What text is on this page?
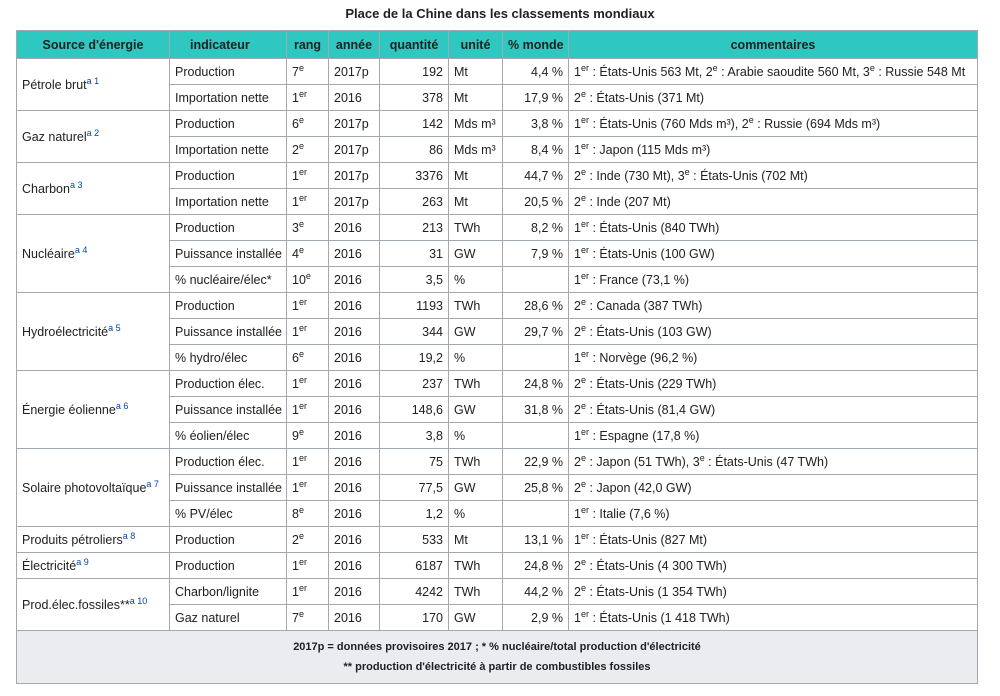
Place de la Chine dans les classements mondiaux
Source d'énergie	indicateur	rang	année	quantité	unité	% monde	commentaires
Pétrole brut$^{a 1}$	Production	7e	2017p	192	Mt	4,4 %	1er : États-Unis 563 Mt, 2e : Arabie saoudite 560 Mt, 3e : Russie 548 Mt
	Importation nette	1er	2016	378	Mt	17,9 %	2e : États-Unis (371 Mt)
Gaz naturel$^{a 2}$	Production	6e	2017p	142	Mds m³	3,8 %	1er : États-Unis (760 Mds m³), 2e : Russie (694 Mds m³)
	Importation nette	2e	2017p	86	Mds m³	8,4 %	1er : Japon (115 Mds m³)
Charbon$^{a 3}$	Production	1er	2017p	3376	Mt	44,7 %	2e : Inde (730 Mt), 3e : États-Unis (702 Mt)
	Importation nette	1er	2017p	263	Mt	20,5 %	2e : Inde (207 Mt)
Nucléaire$^{a 4}$	Production	3e	2016	213	TWh	8,2 %	1er : États-Unis (840 TWh)
	Puissance installée	4e	2016	31	GW	7,9 %	1er : États-Unis (100 GW)
	% nucléaire/élec*	10e	2016	3,5	%		1er : France (73,1 %)
Hydroélectricité$^{a 5}$	Production	1er	2016	1193	TWh	28,6 %	2e : Canada (387 TWh)
	Puissance installée	1er	2016	344	GW	29,7 %	2e : États-Unis (103 GW)
	% hydro/élec	6e	2016	19,2	%		1er : Norvège (96,2 %)
Énergie éolienne$^{a 6}$	Production élec.	1er	2016	237	TWh	24,8 %	2e : États-Unis (229 TWh)
	Puissance installée	1er	2016	148,6	GW	31,8 %	2e : États-Unis (81,4 GW)
	% éolien/élec	9e	2016	3,8	%		1er : Espagne (17,8 %)
Solaire photovoltaïque$^{a 7}$	Production élec.	1er	2016	75	TWh	22,9 %	2e : Japon (51 TWh), 3e : États-Unis (47 TWh)
	Puissance installée	1er	2016	77,5	GW	25,8 %	2e : Japon (42,0 GW)
	% PV/élec	8e	2016	1,2	%		1er : Italie (7,6 %)
Produits pétroliers$^{a 8}$	Production	2e	2016	533	Mt	13,1 %	1er : États-Unis (827 Mt)
Électricité$^{a 9}$	Production	1er	2016	6187	TWh	24,8 %	2e : États-Unis (4 300 TWh)
Prod.élec.fossiles**$^{a 10}$	Charbon/lignite	1er	2016	4242	TWh	44,2 %	2e : États-Unis (1 354 TWh)
	Gaz naturel	7e	2016	170	GW	2,9 %	1er : États-Unis (1 418 TWh)

2017p = données provisoires 2017 ; * % nucléaire/total production d'électricité
** production d'électricité à partir de combustibles fossiles							
